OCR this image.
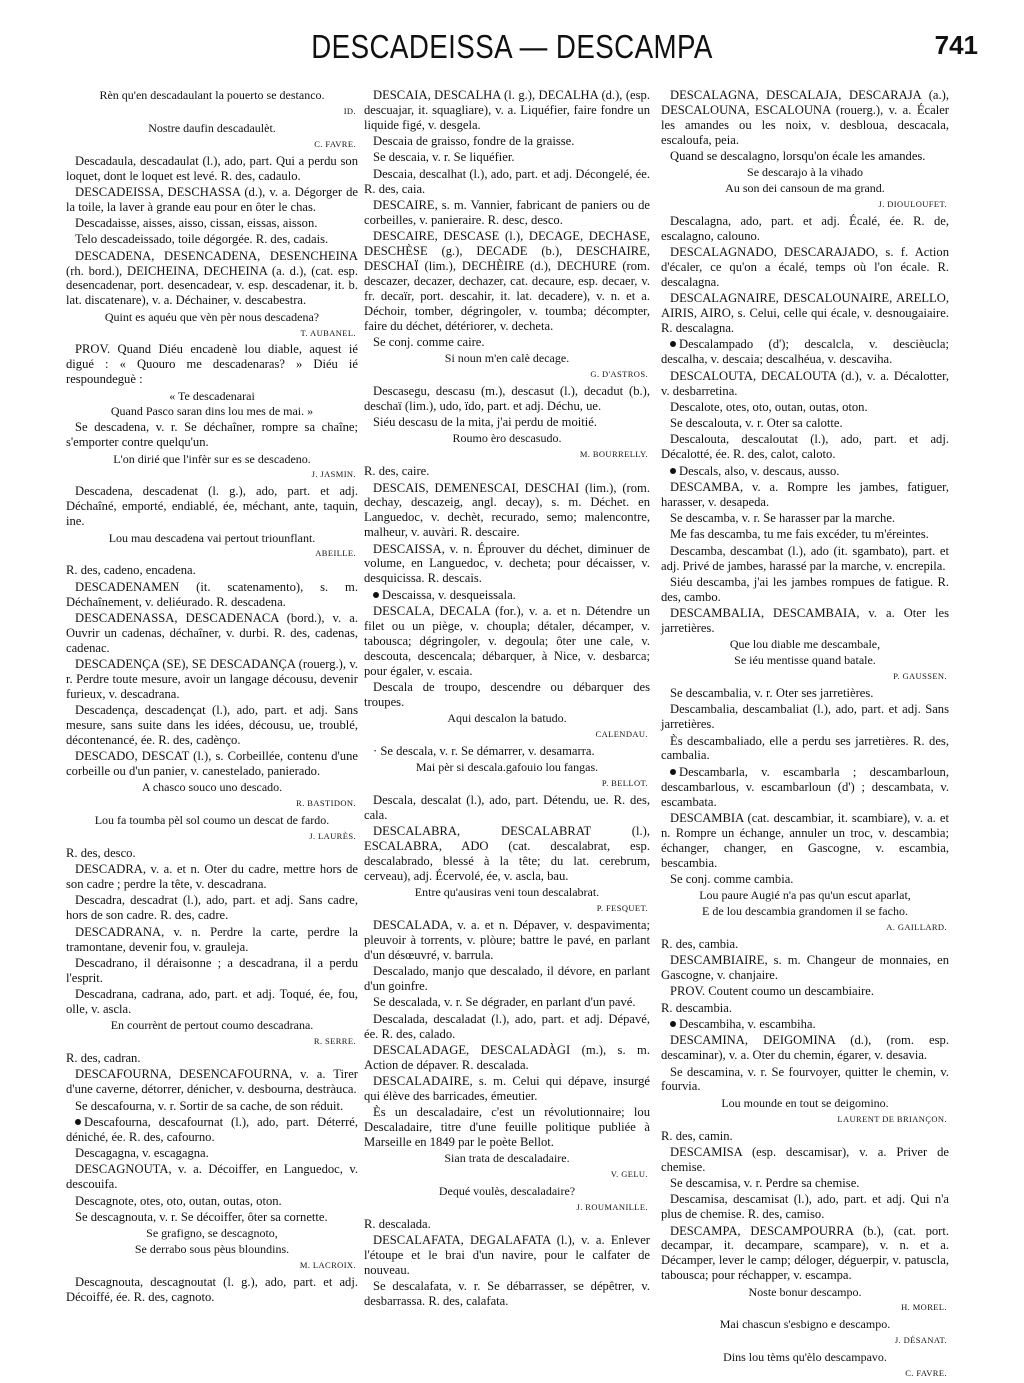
DESCADEISSA — DESCAMPA	741
Rèn qu'en descadaulant la pouerto se destanco.
ID.
Nostre daufin descadaulèt.
C. FAVRE.
Descadaula, descadaulat (l.), ado, part. Qui a perdu son loquet, dont le loquet est levé. R. des, cadaulo.
DESCADEISSA, DESCHASSA (d.), v. a. Dégorger de la toile, la laver à grande eau pour en ôter le chas.
Descadaisse, aisses, aisso, cissan, eissas, aisson.
Telo descadeissado, toile dégorgée. R. des, cadais.
DESCADENA, DESENCADENA, DESENCHEINA (rh. bord.), DEICHEINA, DECHEINA (a. d.), (cat. esp. desencadenar, port. desencadear, v. esp. descadenar, it. b. lat. discatenare), v. a. Déchainer, v. descabestra.
Quint es aquéu que vèn pèr nous descadena?
T. AUBANEL.
PROV. Quand Diéu encadenè lou diable, aquest ié digué : « Quouro me descadenaras? » Diéu ié respoundeguè :
« Te descadenarai
Quand Pasco saran dins lou mes de mai. »
Se descadena, v. r. Se déchaîner, rompre sa chaîne; s'emporter contre quelqu'un.
L'on dirié que l'infèr sur es se descadeno.
J. JASMIN.
Descadena, descadenat (l. g.), ado, part. et adj. Déchaîné, emporté, endiablé, ée, méchant, ante, taquin, ine.
Lou mau descadena vai pertout triounflant.
ABEILLE.
R. des, cadeno, encadena.
DESCADENAMEN (it. scatenamento), s. m. Déchaînement, v. deliéurado. R. descadena.
DESCADENASSA, DESCADENACA (bord.), v. a. Ouvrir un cadenas, déchaîner, v. durbi. R. des, cadenas, cadenac.
DESCADENÇA (SE), SE DESCADANÇA (rouerg.), v. r. Perdre toute mesure, avoir un langage décousu, devenir furieux, v. descadrana.
Descadença, descadençat (l.), ado, part. et adj. Sans mesure, sans suite dans les idées, décousu, ue, troublé, décontenancé, ée. R. des, cadènço.
DESCADO, DESCAT (l.), s. Corbeillée, contenu d'une corbeille ou d'un panier, v. canestelado, panierado.
A chasco souco uno descado.
R. BASTIDON.
Lou fa toumba pèl sol coumo un descat de fardo.
J. LAURÈS.
R. des, desco.
DESCADRA, v. a. et n. Oter du cadre, mettre hors de son cadre ; perdre la tête, v. descadrana.
Descadra, descadrat (l.), ado, part. et adj. Sans cadre, hors de son cadre. R. des, cadre.
DESCADRANA, v. n. Perdre la carte, perdre la tramontane, devenir fou, v. grauleja.
Descadrano, il déraisonne ; a descadrana, il a perdu l'esprit.
Descadrana, cadrana, ado, part. et adj. Toqué, ée, fou, olle, v. ascla.
En courrènt de pertout coumo descadrana.
R. SERRE.
R. des, cadran.
DESCAFOURNA, DESENCAFOURNA, v. a. Tirer d'une caverne, détorrer, dénicher, v. desbourna, destràuca.
Se descafourna, v. r. Sortir de sa cache, de son réduit.
Descafourna, descafournat (l.), ado, part. Déterré, déniché, ée. R. des, cafourno.
Descagagna, v. escagagna.
DESCAGNOUTA, v. a. Décoiffer, en Languedoc, v. descouifa.
Descagnote, otes, oto, outan, outas, oton.
Se descagnouta, v. r. Se décoiffer, ôter sa cornette.
Se grafigno, se descagnoto,
Se derrabo sous pèus bloundins.
M. LACROIX.
Descagnouta, descagnoutat (l. g.), ado, part. et adj. Décoiffé, ée. R. des, cagnoto.
DESCAIA, DESCALHA (l. g.), DECALHA (d.), (esp. descuajar, it. squagliare), v. a. Liquéfier, faire fondre un liquide figé, v. desgela.
Descaia de graisso, fondre de la graisse.
Se descaia, v. r. Se liquéfier.
Descaia, descalhat (l.), ado, part. et adj. Décongelé, ée. R. des, caia.
DESCAIRE, s. m. Vannier, fabricant de paniers ou de corbeilles, v. panieraire. R. desc, desco.
DESCAIRE, DESCASE (l.), DECAGE, DECHASE, DESCHÈSE (g.), DECADE (b.), DESCHAIRE, DESCHAÏ (lim.), DECHÈIRE (d.), DECHURE (rom. descazer, decazer, dechazer, cat. decaure, esp. decaer, v. fr. decaïr, port. descahir, it. lat. decadere), v. n. et a. Déchoir, tomber, dégringoler, v. toumba; décompter, faire du déchet, détériorer, v. decheta.
Se conj. comme caire.
Si noun m'en calè decage.
G. D'ASTROS.
Descasegu, descasu (m.), descasut (l.), decadut (b.), deschaï (lim.), udo, ïdo, part. et adj. Déchu, ue.
Siéu descasu de la mita, j'ai perdu de moitié.
Roumo èro descasudo.
M. BOURRELLY.
R. des, caire.
DESCAIS, DEMENESCAI, DESCHAI (lim.), (rom. dechay, descazeig, angl. decay), s. m. Déchet. en Languedoc, v. dechèt, recurado, semo; malencontre, malheur, v. auvàri. R. descaire.
DESCAISSA, v. n. Éprouver du déchet, diminuer de volume, en Languedoc, v. decheta; pour décaisser, v. desquicissa. R. descais.
Descaissa, v. desqueissala.
DESCALA, DECALA (for.), v. a. et n. Détendre un filet ou un piège, v. choupla; détaler, décamper, v. tabousca; dégringoler, v. degoula; ôter une cale, v. descouta, descencala; débarquer, à Nice, v. desbarca; pour égaler, v. escaia.
Descala de troupo, descendre ou débarquer des troupes.
Aqui descalon la batudo.
CALENDAU.
· Se descala, v. r. Se démarrer, v. desamarra.
Mai pèr si descala.gafouio lou fangas.
P. BELLOT.
Descala, descalat (l.), ado, part. Détendu, ue. R. des, cala.
DESCALABRA, DESCALABRAT (l.), ESCALABRA, ADO (cat. descalabrat, esp. descalabrado, blessé à la tête; du lat. cerebrum, cerveau), adj. Écervolé, ée, v. ascla, bau.
Entre qu'ausiras veni toun descalabrat.
P. FESQUET.
DESCALADA, v. a. et n. Dépaver, v. despavimenta; pleuvoir à torrents, v. plòure; battre le pavé, en parlant d'un désœuvré, v. barrula.
Descalado, manjo que descalado, il dévore, en parlant d'un goinfre.
Se descalada, v. r. Se dégrader, en parlant d'un pavé.
Descalada, descaladat (l.), ado, part. et adj. Dépavé, ée. R. des, calado.
DESCALADAGE, DESCALADÀGI (m.), s. m. Action de dépaver. R. descalada.
DESCALADAIRE, s. m. Celui qui dépave, insurgé qui élève des barricades, émeutier.
Ès un descaladaire, c'est un révolutionnaire; lou Descaladaire, titre d'une feuille politique publiée à Marseille en 1849 par le poète Bellot.
Sian trata de descaladaire.
V. GELU.
Dequé voulès, descaladaire?
J. ROUMANILLE.
R. descalada.
DESCALAFATA, DEGALAFATA (l.), v. a. Enlever l'étoupe et le brai d'un navire, pour le calfater de nouveau.
Se descalafata, v. r. Se débarrasser, se dépêtrer, v. desbarrassa. R. des, calafata.
DESCALAGNA, DESCALAJA, DESCARAJA (a.), DESCALOUNA, ESCALOUNA (rouerg.), v. a. Écaler les amandes ou les noix, v. desbloua, descacala, escaloufa, peia.
Quand se descalagno, lorsqu'on écale les amandes.
Se descarajo à la vihado
Au son dei cansoun de ma grand.
J. DIOULOUFET.
Descalagna, ado, part. et adj. Écalé, ée. R. de, escalagno, calouno.
DESCALAGNADO, DESCARAJADO, s. f. Action d'écaler, ce qu'on a écalé, temps où l'on écale. R. descalagna.
DESCALAGNAIRE, DESCALOUNAIRE, ARELLO, AIRIS, AIRO, s. Celui, celle qui écale, v. desnougaiaire. R. descalagna.
Descalampado (d'); descalcla, v. descièucla; descalha, v. descaia; descalhéua, v. descaviha.
DESCALOUTA, DECALOUTA (d.), v. a. Décalotter, v. desbarretina.
Descalote, otes, oto, outan, outas, oton.
Se descalouta, v. r. Oter sa calotte.
Descalouta, descaloutat (l.), ado, part. et adj. Décalotté, ée. R. des, calot, caloto.
Descals, also, v. descaus, ausso.
DESCAMBA, v. a. Rompre les jambes, fatiguer, harasser, v. desapeda.
Se descamba, v. r. Se harasser par la marche.
Me fas descamba, tu me fais excéder, tu m'éreintes.
Descamba, descambat (l.), ado (it. sgambato), part. et adj. Privé de jambes, harassé par la marche, v. encrepila.
Siéu descamba, j'ai les jambes rompues de fatigue. R. des, cambo.
DESCAMBALIA, DESCAMBAIA, v. a. Oter les jarretières.
Que lou diable me descambale,
Se iéu mentisse quand batale.
P. GAUSSEN.
Se descambalia, v. r. Oter ses jarretières.
Descambalia, descambaliat (l.), ado, part. et adj. Sans jarretières.
Ès descambaliado, elle a perdu ses jarretières. R. des, cambalia.
Descambarla, v. escambarla ; descambarloun, descambarlous, v. escambarloun (d') ; descambata, v. escambata.
DESCAMBIA (cat. descambiar, it. scambiare), v. a. et n. Rompre un échange, annuler un troc, v. descambia; échanger, changer, en Gascogne, v. escambia, bescambia.
Se conj. comme cambia.
Lou paure Augié n'a pas qu'un escut aparlat,
E de lou descambia grandomen il se facho.
A. GAILLARD.
R. des, cambia.
DESCAMBIAIRE, s. m. Changeur de monnaies, en Gascogne, v. chanjaire.
PROV. Coutent coumo un descambiaire.
R. descambia.
Descambiha, v. escambiha.
DESCAMINA, DEIGOMINA (d.), (rom. esp. descaminar), v. a. Oter du chemin, égarer, v. desavia.
Se descamina, v. r. Se fourvoyer, quitter le chemin, v. fourvia.
Lou mounde en tout se deigomino.
LAURENT DE BRIANÇON.
R. des, camin.
DESCAMISA (esp. descamisar), v. a. Priver de chemise.
Se descamisa, v. r. Perdre sa chemise.
Descamisa, descamisat (l.), ado, part. et adj. Qui n'a plus de chemise. R. des, camiso.
DESCAMPA, DESCAMPOURRA (b.), (cat. port. decampar, it. decampare, scampare), v. n. et a. Décamper, lever le camp; déloger, déguerpir, v. patuscla, tabousca; pour réchapper, v. escampa.
Noste bonur descampo.
H. MOREL.
Mai chascun s'esbigno e descampo.
J. DÉSANAT.
Dins lou tèms qu'èlo descampavo.
C. FAVRE.
